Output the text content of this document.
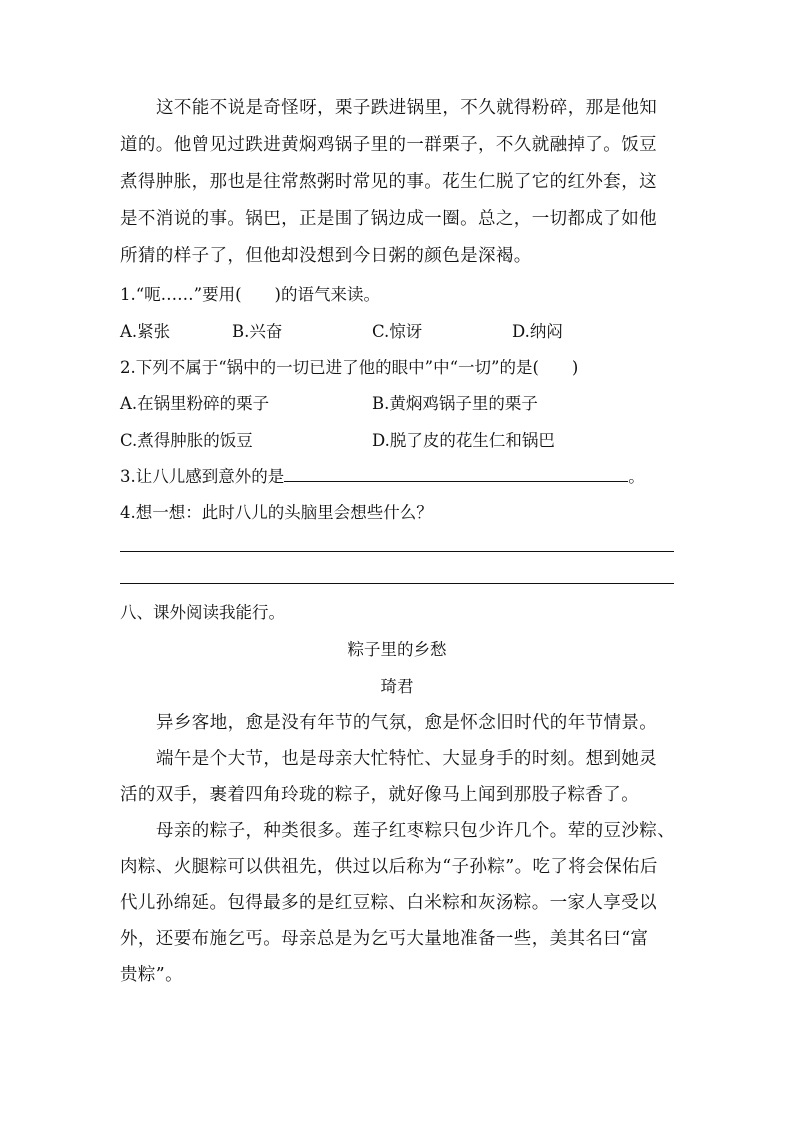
这不能不说是奇怪呀，栗子跌进锅里，不久就得粉碎，那是他知
道的。他曾见过跌进黄焖鸡锅子里的一群栗子，不久就融掉了。饭豆
煮得肿胀，那也是往常熬粥时常见的事。花生仁脱了它的红外套，这
是不消说的事。锅巴，正是围了锅边成一圈。总之，一切都成了如他
所猜的样子了，但他却没想到今日粥的颜色是深褐。
1.“呃……”要用(　　)的语气来读。
A.紧张	B.兴奋	C.惊讶	D.纳闷
2.下列不属于“锅中的一切已进了他的眼中”中“一切”的是(　　)
A.在锅里粉碎的栗子	B.黄焖鸡锅子里的栗子
C.煮得肿胀的饭豆	D.脱了皮的花生仁和锅巴
3.让八儿感到意外的是	。
4.想一想：此时八儿的头脑里会想些什么？
八、课外阅读我能行。
粽子里的乡愁
琦君
异乡客地，愈是没有年节的气氛，愈是怀念旧时代的年节情景。
端午是个大节，也是母亲大忙特忙、大显身手的时刻。想到她灵
活的双手，裹着四角玲珑的粽子，就好像马上闻到那股子粽香了。
母亲的粽子，种类很多。莲子红枣粽只包少许几个。荤的豆沙粽、
肉粽、火腿粽可以供祖先，供过以后称为“子孙粽”。吃了将会保佑后
代儿孙绵延。包得最多的是红豆粽、白米粽和灰汤粽。一家人享受以
外，还要布施乞丐。母亲总是为乞丐大量地准备一些，美其名曰“富
贵粽”。
